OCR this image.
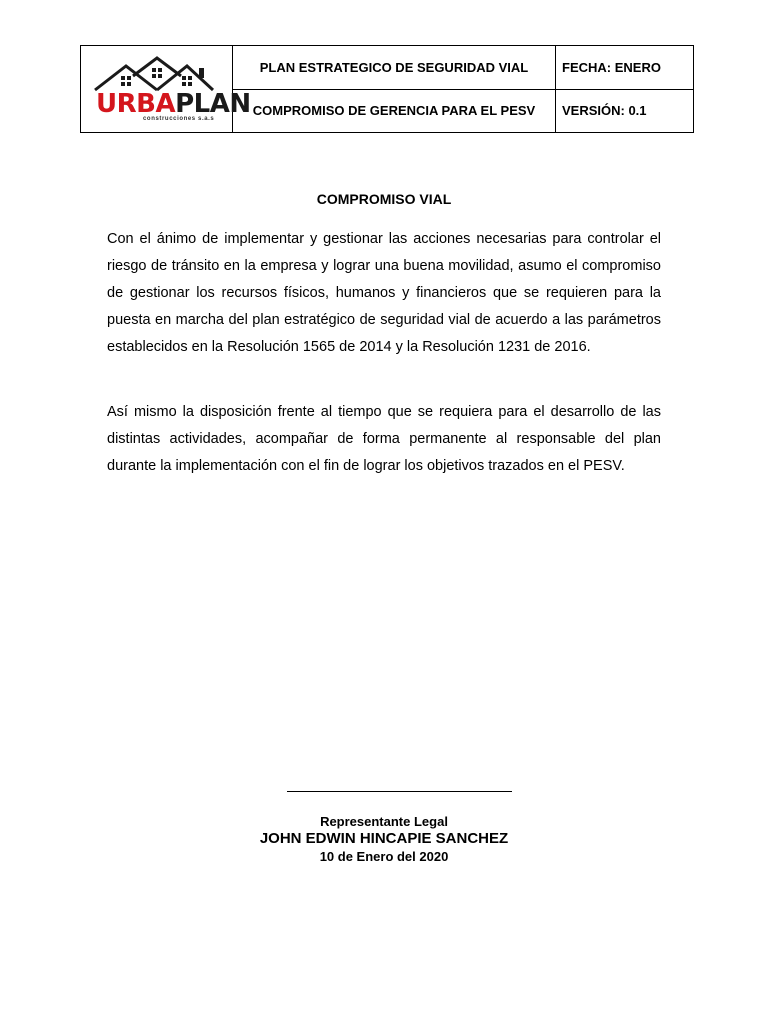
URBAPLAN
construcciones s.a.s	PLAN ESTRATEGICO DE SEGURIDAD VIAL	FECHA: ENERO
	COMPROMISO DE GERENCIA PARA EL PESV	VERSIÓN: 0.1
COMPROMISO VIAL

Con el ánimo de implementar y gestionar las acciones necesarias para controlar el riesgo de tránsito en la empresa y lograr una buena movilidad, asumo el compromiso de gestionar los recursos físicos, humanos y financieros que se requieren para la puesta en marcha del plan estratégico de seguridad vial de acuerdo a las parámetros establecidos en la Resolución 1565 de 2014 y la Resolución 1231 de 2016.

Así mismo la disposición frente al tiempo que se requiera para el desarrollo de las distintas actividades, acompañar de forma permanente al responsable del plan durante la implementación con el fin de lograr los objetivos trazados en el PESV.

Representante Legal
JOHN EDWIN HINCAPIE SANCHEZ
10 de Enero del 2020
